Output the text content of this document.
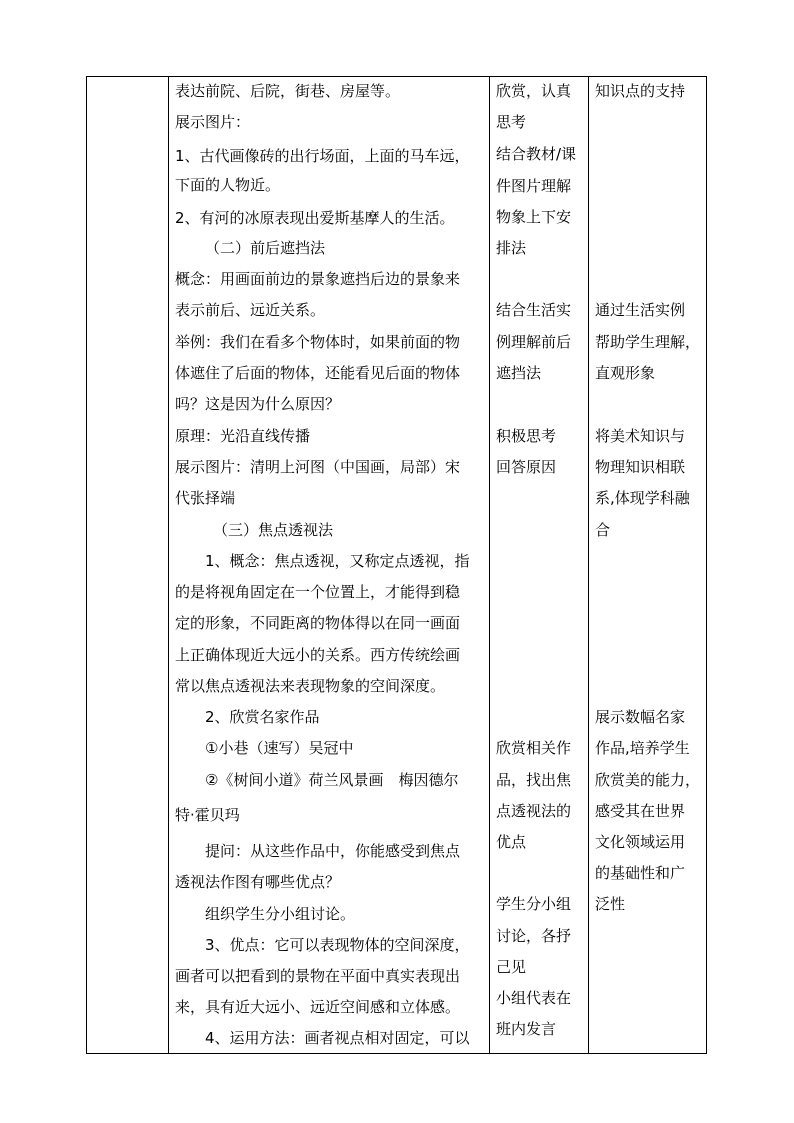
表达前院、后院，街巷、房屋等。
展示图片：
1、古代画像砖的出行场面，上面的马车远，
下面的人物近。
2、有河的冰原表现出爱斯基摩人的生活。
（二）前后遮挡法
概念：用画面前边的景象遮挡后边的景象来
表示前后、远近关系。
举例：我们在看多个物体时，如果前面的物
体遮住了后面的物体，还能看见后面的物体
吗？这是因为什么原因？
原理：光沿直线传播
展示图片：清明上河图（中国画，局部）宋
代张择端
（三）焦点透视法
1、概念：焦点透视，又称定点透视，指
的是将视角固定在一个位置上，才能得到稳
定的形象，不同距离的物体得以在同一画面
上正确体现近大远小的关系。西方传统绘画
常以焦点透视法来表现物象的空间深度。
2、欣赏名家作品
①小巷（速写）吴冠中
②《树间小道》荷兰风景画　梅因德尔
特·霍贝玛
提问：从这些作品中，你能感受到焦点
透视法作图有哪些优点？
组织学生分小组讨论。
3、优点：它可以表现物体的空间深度，
画者可以把看到的景物在平面中真实表现出
来，具有近大远小、远近空间感和立体感。
4、运用方法：画者视点相对固定，可以
欣赏，认真
思考
结合教材/课
件图片理解
物象上下安
排法
结合生活实
例理解前后
遮挡法
积极思考
回答原因
欣赏相关作
品，找出焦
点透视法的
优点
学生分小组
讨论，各抒
己见
小组代表在
班内发言
知识点的支持
通过生活实例
帮助学生理解，
直观形象
将美术知识与
物理知识相联
系,体现学科融
合
展示数幅名家
作品,培养学生
欣赏美的能力，
感受其在世界
文化领域运用
的基础性和广
泛性
